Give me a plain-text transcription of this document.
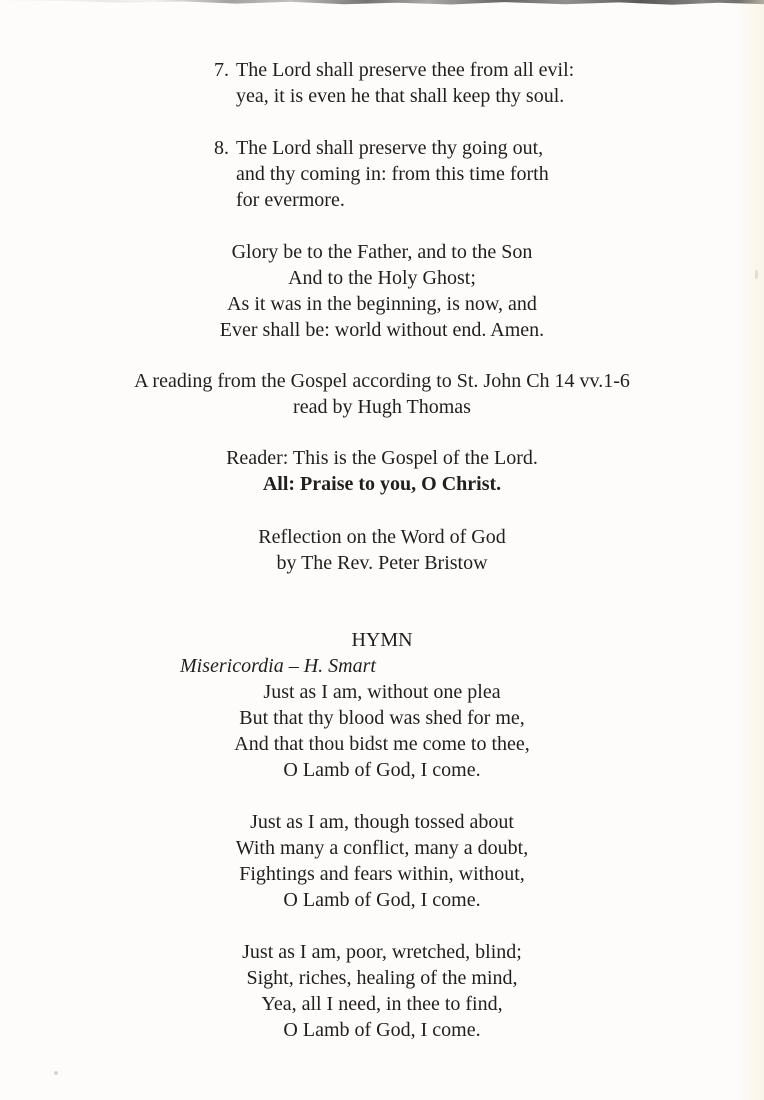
7. The Lord shall preserve thee from all evil:
yea, it is even he that shall keep thy soul.
8. The Lord shall preserve thy going out,
and thy coming in: from this time forth
for evermore.
Glory be to the Father, and to the Son
And to the Holy Ghost;
As it was in the beginning, is now, and
Ever shall be: world without end. Amen.
A reading from the Gospel according to St. John Ch 14 vv.1-6
read by Hugh Thomas
Reader: This is the Gospel of the Lord.
All: Praise to you, O Christ.
Reflection on the Word of God
by The Rev. Peter Bristow
HYMN
Misericordia – H. Smart
Just as I am, without one plea
But that thy blood was shed for me,
And that thou bidst me come to thee,
O Lamb of God, I come.
Just as I am, though tossed about
With many a conflict, many a doubt,
Fightings and fears within, without,
O Lamb of God, I come.
Just as I am, poor, wretched, blind;
Sight, riches, healing of the mind,
Yea, all I need, in thee to find,
O Lamb of God, I come.
